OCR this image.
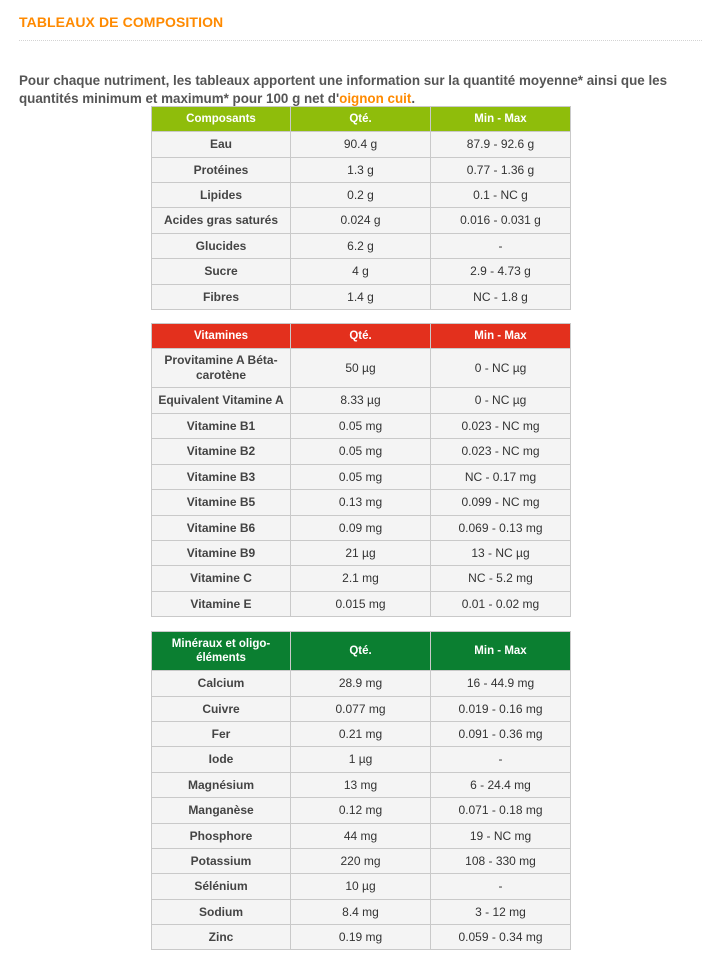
TABLEAUX DE COMPOSITION

Pour chaque nutriment, les tableaux apportent une information sur la quantité moyenne* ainsi que les quantités minimum et maximum* pour 100 g net d'oignon cuit.

Composants	Qté.	Min - Max
Eau	90.4 g	87.9 - 92.6 g
Protéines	1.3 g	0.77 - 1.36 g
Lipides	0.2 g	0.1 - NC g
Acides gras saturés	0.024 g	0.016 - 0.031 g
Glucides	6.2 g	-
Sucre	4 g	2.9 - 4.73 g
Fibres	1.4 g	NC - 1.8 g
Vitamines	Qté.	Min - Max
Provitamine A Béta-carotène	50 µg	0 - NC µg
Equivalent Vitamine A	8.33 µg	0 - NC µg
Vitamine B1	0.05 mg	0.023 - NC mg
Vitamine B2	0.05 mg	0.023 - NC mg
Vitamine B3	0.05 mg	NC - 0.17 mg
Vitamine B5	0.13 mg	0.099 - NC mg
Vitamine B6	0.09 mg	0.069 - 0.13 mg
Vitamine B9	21 µg	13 - NC µg
Vitamine C	2.1 mg	NC - 5.2 mg
Vitamine E	0.015 mg	0.01 - 0.02 mg
Minéraux et oligo-éléments	Qté.	Min - Max
Calcium	28.9 mg	16 - 44.9 mg
Cuivre	0.077 mg	0.019 - 0.16 mg
Fer	0.21 mg	0.091 - 0.36 mg
Iode	1 µg	-
Magnésium	13 mg	6 - 24.4 mg
Manganèse	0.12 mg	0.071 - 0.18 mg
Phosphore	44 mg	19 - NC mg
Potassium	220 mg	108 - 330 mg
Sélénium	10 µg	-
Sodium	8.4 mg	3 - 12 mg
Zinc	0.19 mg	0.059 - 0.34 mg
